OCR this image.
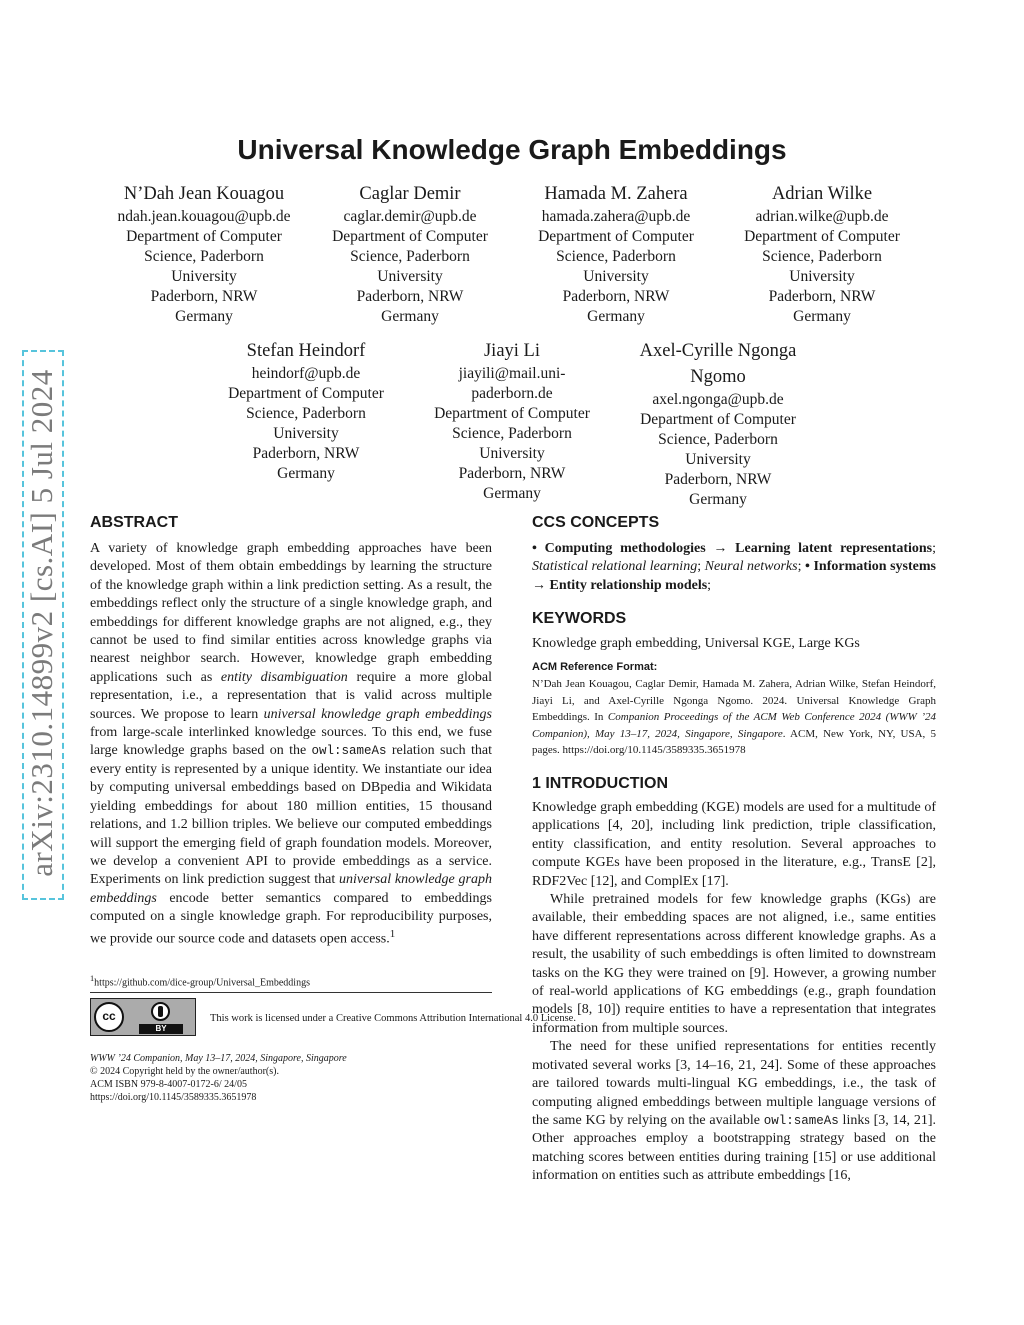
arXiv:2310.14899v2 [cs.AI] 5 Jul 2024
Universal Knowledge Graph Embeddings
N’Dah Jean Kouagou
ndah.jean.kouagou@upb.de
Department of Computer
Science, Paderborn
University
Paderborn, NRW
Germany
Caglar Demir
caglar.demir@upb.de
Department of Computer
Science, Paderborn
University
Paderborn, NRW
Germany
Hamada M. Zahera
hamada.zahera@upb.de
Department of Computer
Science, Paderborn
University
Paderborn, NRW
Germany
Adrian Wilke
adrian.wilke@upb.de
Department of Computer
Science, Paderborn
University
Paderborn, NRW
Germany
Stefan Heindorf
heindorf@upb.de
Department of Computer
Science, Paderborn
University
Paderborn, NRW
Germany
Jiayi Li
jiayili@mail.uni-
paderborn.de
Department of Computer
Science, Paderborn
University
Paderborn, NRW
Germany
Axel-Cyrille Ngonga Ngomo
axel.ngonga@upb.de
Department of Computer
Science, Paderborn
University
Paderborn, NRW
Germany
ABSTRACT

A variety of knowledge graph embedding approaches have been developed. Most of them obtain embeddings by learning the structure of the knowledge graph within a link prediction setting. As a result, the embeddings reflect only the structure of a single knowledge graph, and embeddings for different knowledge graphs are not aligned, e.g., they cannot be used to find similar entities across knowledge graphs via nearest neighbor search. However, knowledge graph embedding applications such as entity disambiguation require a more global representation, i.e., a representation that is valid across multiple sources. We propose to learn universal knowledge graph embeddings from large-scale interlinked knowledge sources. To this end, we fuse large knowledge graphs based on the owl:sameAs relation such that every entity is represented by a unique identity. We instantiate our idea by computing universal embeddings based on DBpedia and Wikidata yielding embeddings for about 180 million entities, 15 thousand relations, and 1.2 billion triples. We believe our computed embeddings will support the emerging field of graph foundation models. Moreover, we develop a convenient API to provide embeddings as a service. Experiments on link prediction suggest that universal knowledge graph embeddings encode better semantics compared to embeddings computed on a single knowledge graph. For reproducibility purposes, we provide our source code and datasets open access.$^1$

$^1$https://github.com/dice-group/Universal_Embeddings
cc
BY
This work is licensed under a Creative Commons Attribution International 4.0 License.
WWW ’24 Companion, May 13–17, 2024, Singapore, Singapore
© 2024 Copyright held by the owner/author(s).
ACM ISBN 979-8-4007-0172-6/ 24/05
https://doi.org/10.1145/3589335.3651978
CCS CONCEPTS

• Computing methodologies → Learning latent representations; Statistical relational learning; Neural networks; • Information systems → Entity relationship models;

KEYWORDS
Knowledge graph embedding, Universal KGE, Large KGs
ACM Reference Format:
N’Dah Jean Kouagou, Caglar Demir, Hamada M. Zahera, Adrian Wilke, Stefan Heindorf, Jiayi Li, and Axel-Cyrille Ngonga Ngomo. 2024. Universal Knowledge Graph Embeddings. In Companion Proceedings of the ACM Web Conference 2024 (WWW ’24 Companion), May 13–17, 2024, Singapore, Singapore. ACM, New York, NY, USA, 5 pages. https://doi.org/10.1145/3589335.3651978
1 INTRODUCTION

Knowledge graph embedding (KGE) models are used for a multitude of applications [4, 20], including link prediction, triple classification, entity classification, and entity resolution. Several approaches to compute KGEs have been proposed in the literature, e.g., TransE [2], RDF2Vec [12], and ComplEx [17].

While pretrained models for few knowledge graphs (KGs) are available, their embedding spaces are not aligned, i.e., same entities have different representations across different knowledge graphs. As a result, the usability of such embeddings is often limited to downstream tasks on the KG they were trained on [9]. However, a growing number of real-world applications of KG embeddings (e.g., graph foundation models [8, 10]) require entities to have a representation that integrates information from multiple sources.

The need for these unified representations for entities recently motivated several works [3, 14–16, 21, 24]. Some of these approaches are tailored towards multi-lingual KG embeddings, i.e., the task of computing aligned embeddings between multiple language versions of the same KG by relying on the available owl:sameAs links [3, 14, 21]. Other approaches employ a bootstrapping strategy based on the matching scores between entities during training [15] or use additional information on entities such as attribute embeddings [16,
